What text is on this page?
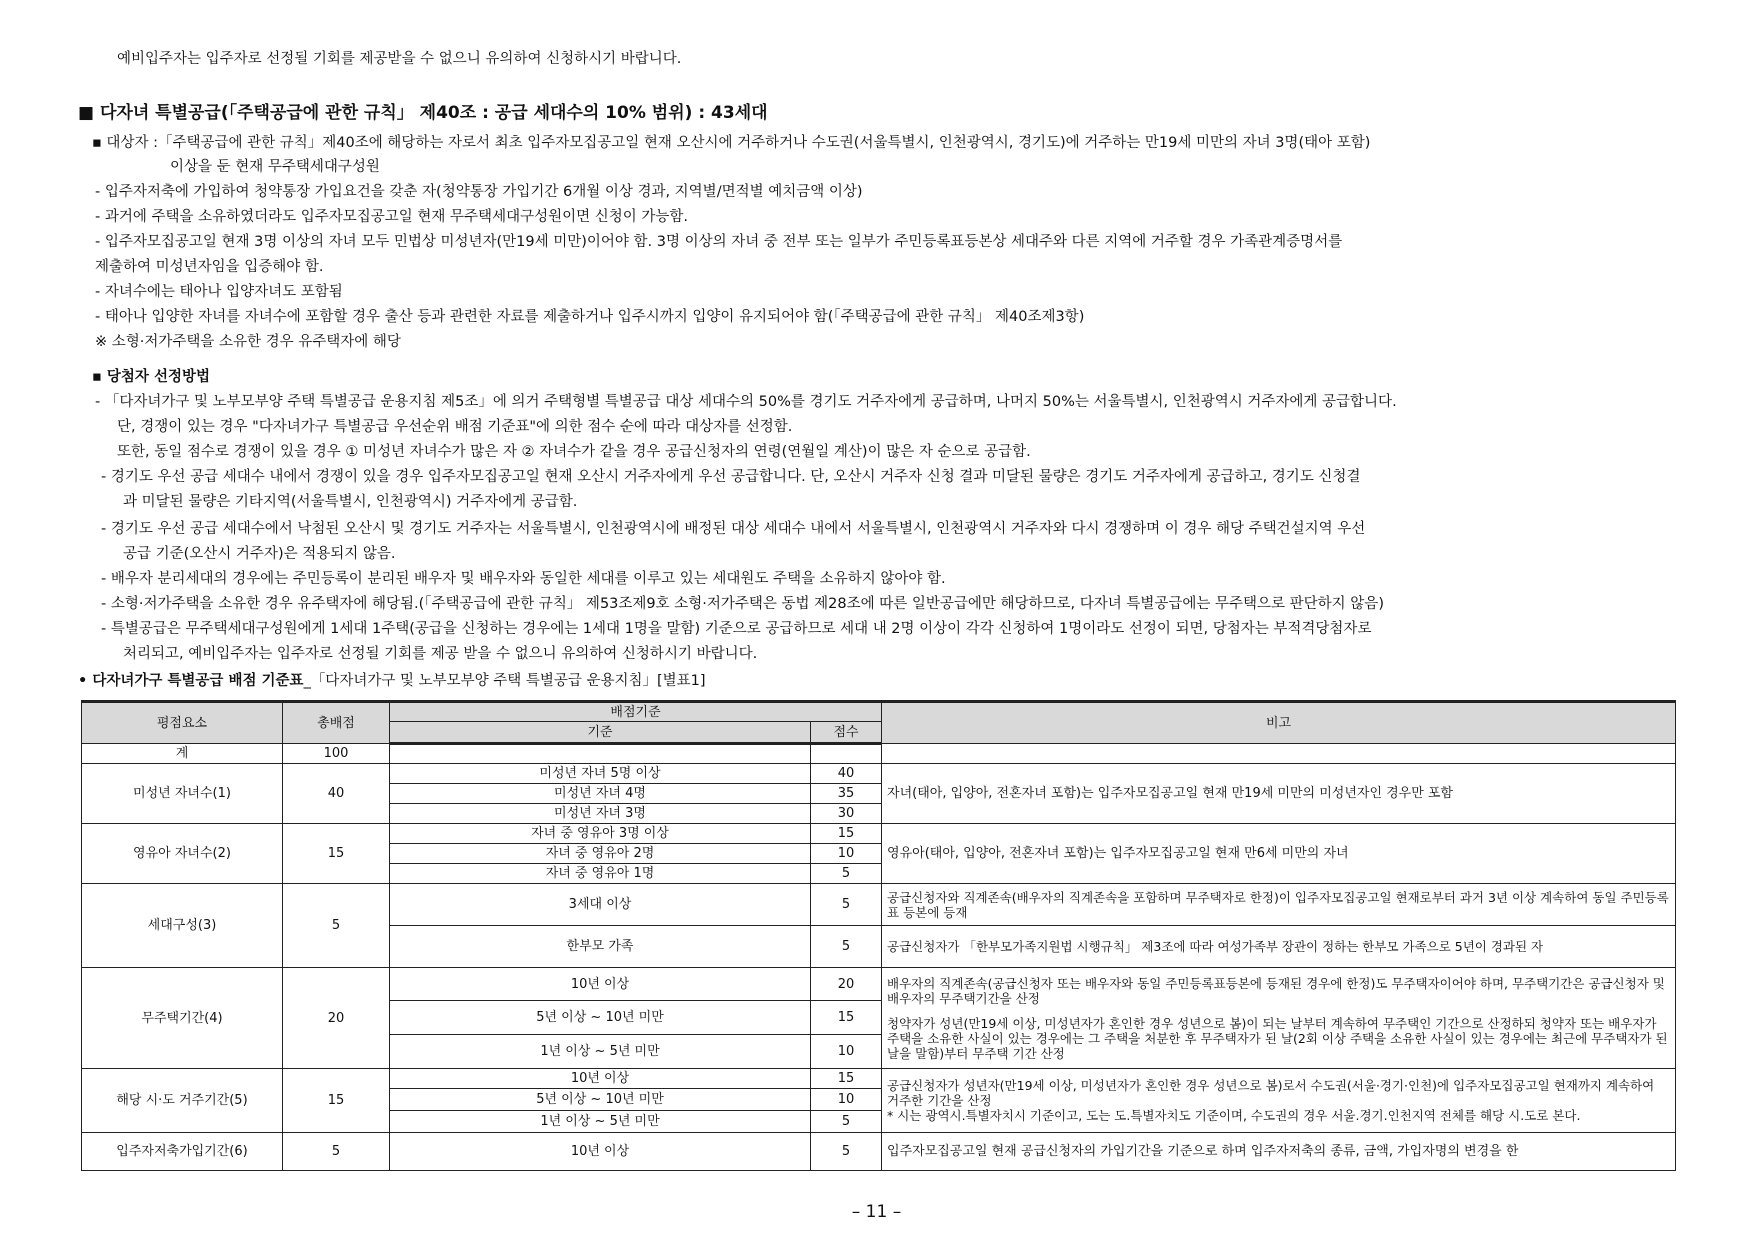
예비입주자는 입주자로 선정될 기회를 제공받을 수 없으니 유의하여 신청하시기 바랍니다.
■ 다자녀 특별공급(「주택공급에 관한 규칙」 제40조 : 공급 세대수의 10% 범위) : 43세대
▪ 대상자 :「주택공급에 관한 규칙」제40조에 해당하는 자로서 최초 입주자모집공고일 현재 오산시에 거주하거나 수도권(서울특별시, 인천광역시, 경기도)에 거주하는 만19세 미만의 자녀 3명(태아 포함)
이상을 둔 현재 무주택세대구성원
- 입주자저축에 가입하여 청약통장 가입요건을 갖춘 자(청약통장 가입기간 6개월 이상 경과, 지역별/면적별 예치금액 이상)
- 과거에 주택을 소유하였더라도 입주자모집공고일 현재 무주택세대구성원이면 신청이 가능함.
- 입주자모집공고일 현재 3명 이상의 자녀 모두 민법상 미성년자(만19세 미만)이어야 함. 3명 이상의 자녀 중 전부 또는 일부가 주민등록표등본상 세대주와 다른 지역에 거주할 경우 가족관계증명서를
제출하여 미성년자임을 입증해야 함.
- 자녀수에는 태아나 입양자녀도 포함됨
- 태아나 입양한 자녀를 자녀수에 포함할 경우 출산 등과 관련한 자료를 제출하거나 입주시까지 입양이 유지되어야 함(「주택공급에 관한 규칙」 제40조제3항)
※ 소형·저가주택을 소유한 경우 유주택자에 해당
▪ 당첨자 선정방법
- 「다자녀가구 및 노부모부양 주택 특별공급 운용지침 제5조」에 의거 주택형별 특별공급 대상 세대수의 50%를 경기도 거주자에게 공급하며, 나머지 50%는 서울특별시, 인천광역시 거주자에게 공급합니다.
단, 경쟁이 있는 경우 "다자녀가구 특별공급 우선순위 배점 기준표"에 의한 점수 순에 따라 대상자를 선정함.
또한, 동일 점수로 경쟁이 있을 경우 ① 미성년 자녀수가 많은 자 ② 자녀수가 같을 경우 공급신청자의 연령(연월일 계산)이 많은 자 순으로 공급함.
- 경기도 우선 공급 세대수 내에서 경쟁이 있을 경우 입주자모집공고일 현재 오산시 거주자에게 우선 공급합니다. 단, 오산시 거주자 신청 결과 미달된 물량은 경기도 거주자에게 공급하고, 경기도 신청결
과 미달된 물량은 기타지역(서울특별시, 인천광역시) 거주자에게 공급함.
- 경기도 우선 공급 세대수에서 낙첨된 오산시 및 경기도 거주자는 서울특별시, 인천광역시에 배정된 대상 세대수 내에서 서울특별시, 인천광역시 거주자와 다시 경쟁하며 이 경우 해당 주택건설지역 우선
공급 기준(오산시 거주자)은 적용되지 않음.
- 배우자 분리세대의 경우에는 주민등록이 분리된 배우자 및 배우자와 동일한 세대를 이루고 있는 세대원도 주택을 소유하지 않아야 함.
- 소형·저가주택을 소유한 경우 유주택자에 해당됨.(「주택공급에 관한 규칙」 제53조제9호 소형·저가주택은 동법 제28조에 따른 일반공급에만 해당하므로, 다자녀 특별공급에는 무주택으로 판단하지 않음)
- 특별공급은 무주택세대구성원에게 1세대 1주택(공급을 신청하는 경우에는 1세대 1명을 말함) 기준으로 공급하므로 세대 내 2명 이상이 각각 신청하여 1명이라도 선정이 되면, 당첨자는 부적격당첨자로
처리되고, 예비입주자는 입주자로 선정될 기회를 제공 받을 수 없으니 유의하여 신청하시기 바랍니다.
• 다자녀가구 특별공급 배점 기준표_「다자녀가구 및 노부모부양 주택 특별공급 운용지침」[별표1]
평점요소	총배점	배점기준		비고
		기준	점수	
계	100			
미성년 자녀수(1)	40	미성년 자녀 5명 이상	40	자녀(태아, 입양아, 전혼자녀 포함)는 입주자모집공고일 현재 만19세 미만의 미성년자인 경우만 포함
		미성년 자녀 4명	35	
		미성년 자녀 3명	30	
영유아 자녀수(2)	15	자녀 중 영유아 3명 이상	15	영유아(태아, 입양아, 전혼자녀 포함)는 입주자모집공고일 현재 만6세 미만의 자녀
		자녀 중 영유아 2명	10	
		자녀 중 영유아 1명	5	
세대구성(3)	5	3세대 이상	5	공급신청자와 직계존속(배우자의 직계존속을 포함하며 무주택자로 한정)이 입주자모집공고일 현재로부터 과거 3년 이상 계속하여 동일 주민등록표 등본에 등재
		한부모 가족	5	공급신청자가 「한부모가족지원법 시행규칙」 제3조에 따라 여성가족부 장관이 정하는 한부모 가족으로 5년이 경과된 자
무주택기간(4)	20	10년 이상	20	배우자의 직계존속(공급신청자 또는 배우자와 동일 주민등록표등본에 등재된 경우에 한정)도 무주택자이어야 하며, 무주택기간은 공급신청자 및 배우자의 무주택기간을 산정
청약자가 성년(만19세 이상, 미성년자가 혼인한 경우 성년으로 봄)이 되는 날부터 계속하여 무주택인 기간으로 산정하되 청약자 또는 배우자가 주택을 소유한 사실이 있는 경우에는 그 주택을 처분한 후 무주택자가 된 날(2회 이상 주택을 소유한 사실이 있는 경우에는 최근에 무주택자가 된 날을 말함)부터 무주택 기간 산정

		5년 이상 ~ 10년 미만	15	
		1년 이상 ~ 5년 미만	10	
해당 시·도 거주기간(5)	15	10년 이상	15	공급신청자가 성년자(만19세 이상, 미성년자가 혼인한 경우 성년으로 봄)로서 수도권(서울·경기·인천)에 입주자모집공고일 현재까지 계속하여 거주한 기간을 산정
* 시는 광역시.특별자치시 기준이고, 도는 도.특별자치도 기준이며, 수도권의 경우 서울.경기.인천지역 전체를 해당 시.도로 본다.

		5년 이상 ~ 10년 미만	10	
		1년 이상 ~ 5년 미만	5	
입주자저축가입기간(6)	5	10년 이상	5	입주자모집공고일 현재 공급신청자의 가입기간을 기준으로 하며 입주자저축의 종류, 금액, 가입자명의 변경을 한
– 11 –
